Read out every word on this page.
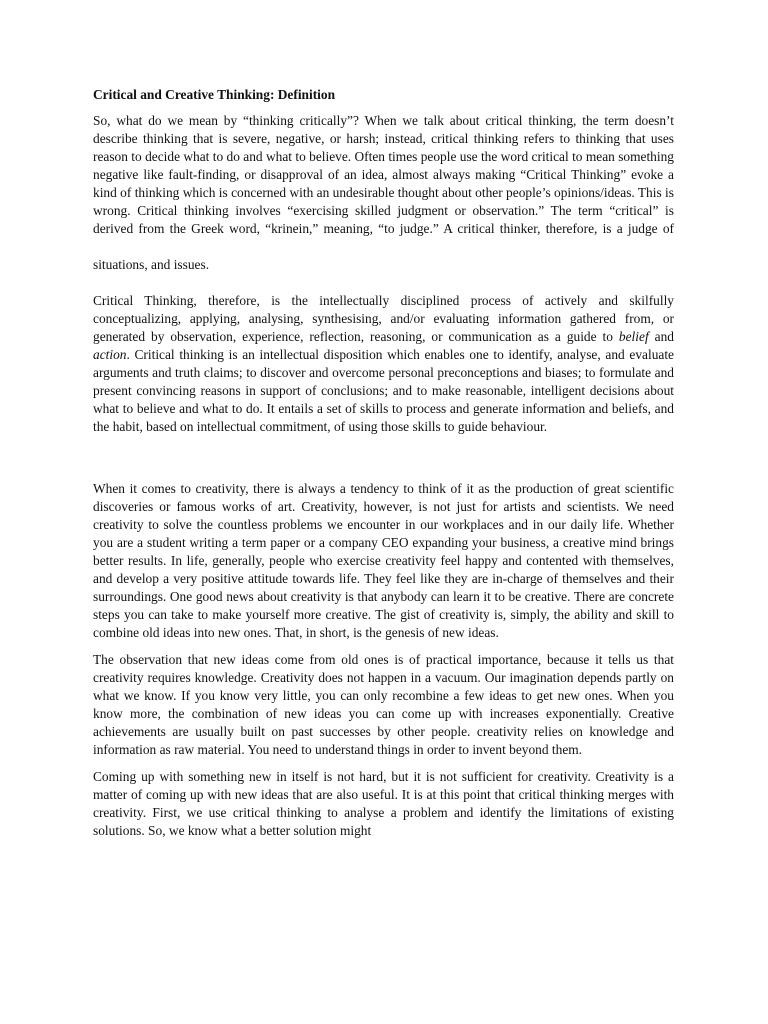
Critical and Creative Thinking: Definition

So, what do we mean by “thinking critically”? When we talk about critical thinking, the term doesn’t describe thinking that is severe, negative, or harsh; instead, critical thinking refers to thinking that uses reason to decide what to do and what to believe. Often times people use the word critical to mean something negative like fault-finding, or disapproval of an idea, almost always making “Critical Thinking” evoke a kind of thinking which is concerned with an undesirable thought about other people’s opinions/ideas. This is wrong. Critical thinking involves “exercising skilled judgment or observation.” The term “critical” is derived from the Greek word, “krinein,” meaning, “to judge.” A critical thinker, therefore, is a judge of

situations, and issues.

Critical Thinking, therefore, is the intellectually disciplined process of actively and skilfully conceptualizing, applying, analysing, synthesising, and/or evaluating information gathered from, or generated by observation, experience, reflection, reasoning, or communication as a guide to belief and action. Critical thinking is an intellectual disposition which enables one to identify, analyse, and evaluate arguments and truth claims; to discover and overcome personal preconceptions and biases; to formulate and present convincing reasons in support of conclusions; and to make reasonable, intelligent decisions about what to believe and what to do. It entails a set of skills to process and generate information and beliefs, and the habit, based on intellectual commitment, of using those skills to guide behaviour.

When it comes to creativity, there is always a tendency to think of it as the production of great scientific discoveries or famous works of art. Creativity, however, is not just for artists and scientists. We need creativity to solve the countless problems we encounter in our workplaces and in our daily life. Whether you are a student writing a term paper or a company CEO expanding your business, a creative mind brings better results. In life, generally, people who exercise creativity feel happy and contented with themselves, and develop a very positive attitude towards life. They feel like they are in-charge of themselves and their surroundings. One good news about creativity is that anybody can learn it to be creative. There are concrete steps you can take to make yourself more creative. The gist of creativity is, simply, the ability and skill to combine old ideas into new ones. That, in short, is the genesis of new ideas.

The observation that new ideas come from old ones is of practical importance, because it tells us that creativity requires knowledge. Creativity does not happen in a vacuum. Our imagination depends partly on what we know. If you know very little, you can only recombine a few ideas to get new ones. When you know more, the combination of new ideas you can come up with increases exponentially. Creative achievements are usually built on past successes by other people. creativity relies on knowledge and information as raw material. You need to understand things in order to invent beyond them.

Coming up with something new in itself is not hard, but it is not sufficient for creativity. Creativity is a matter of coming up with new ideas that are also useful. It is at this point that critical thinking merges with creativity. First, we use critical thinking to analyse a problem and identify the limitations of existing solutions. So, we know what a better solution might
